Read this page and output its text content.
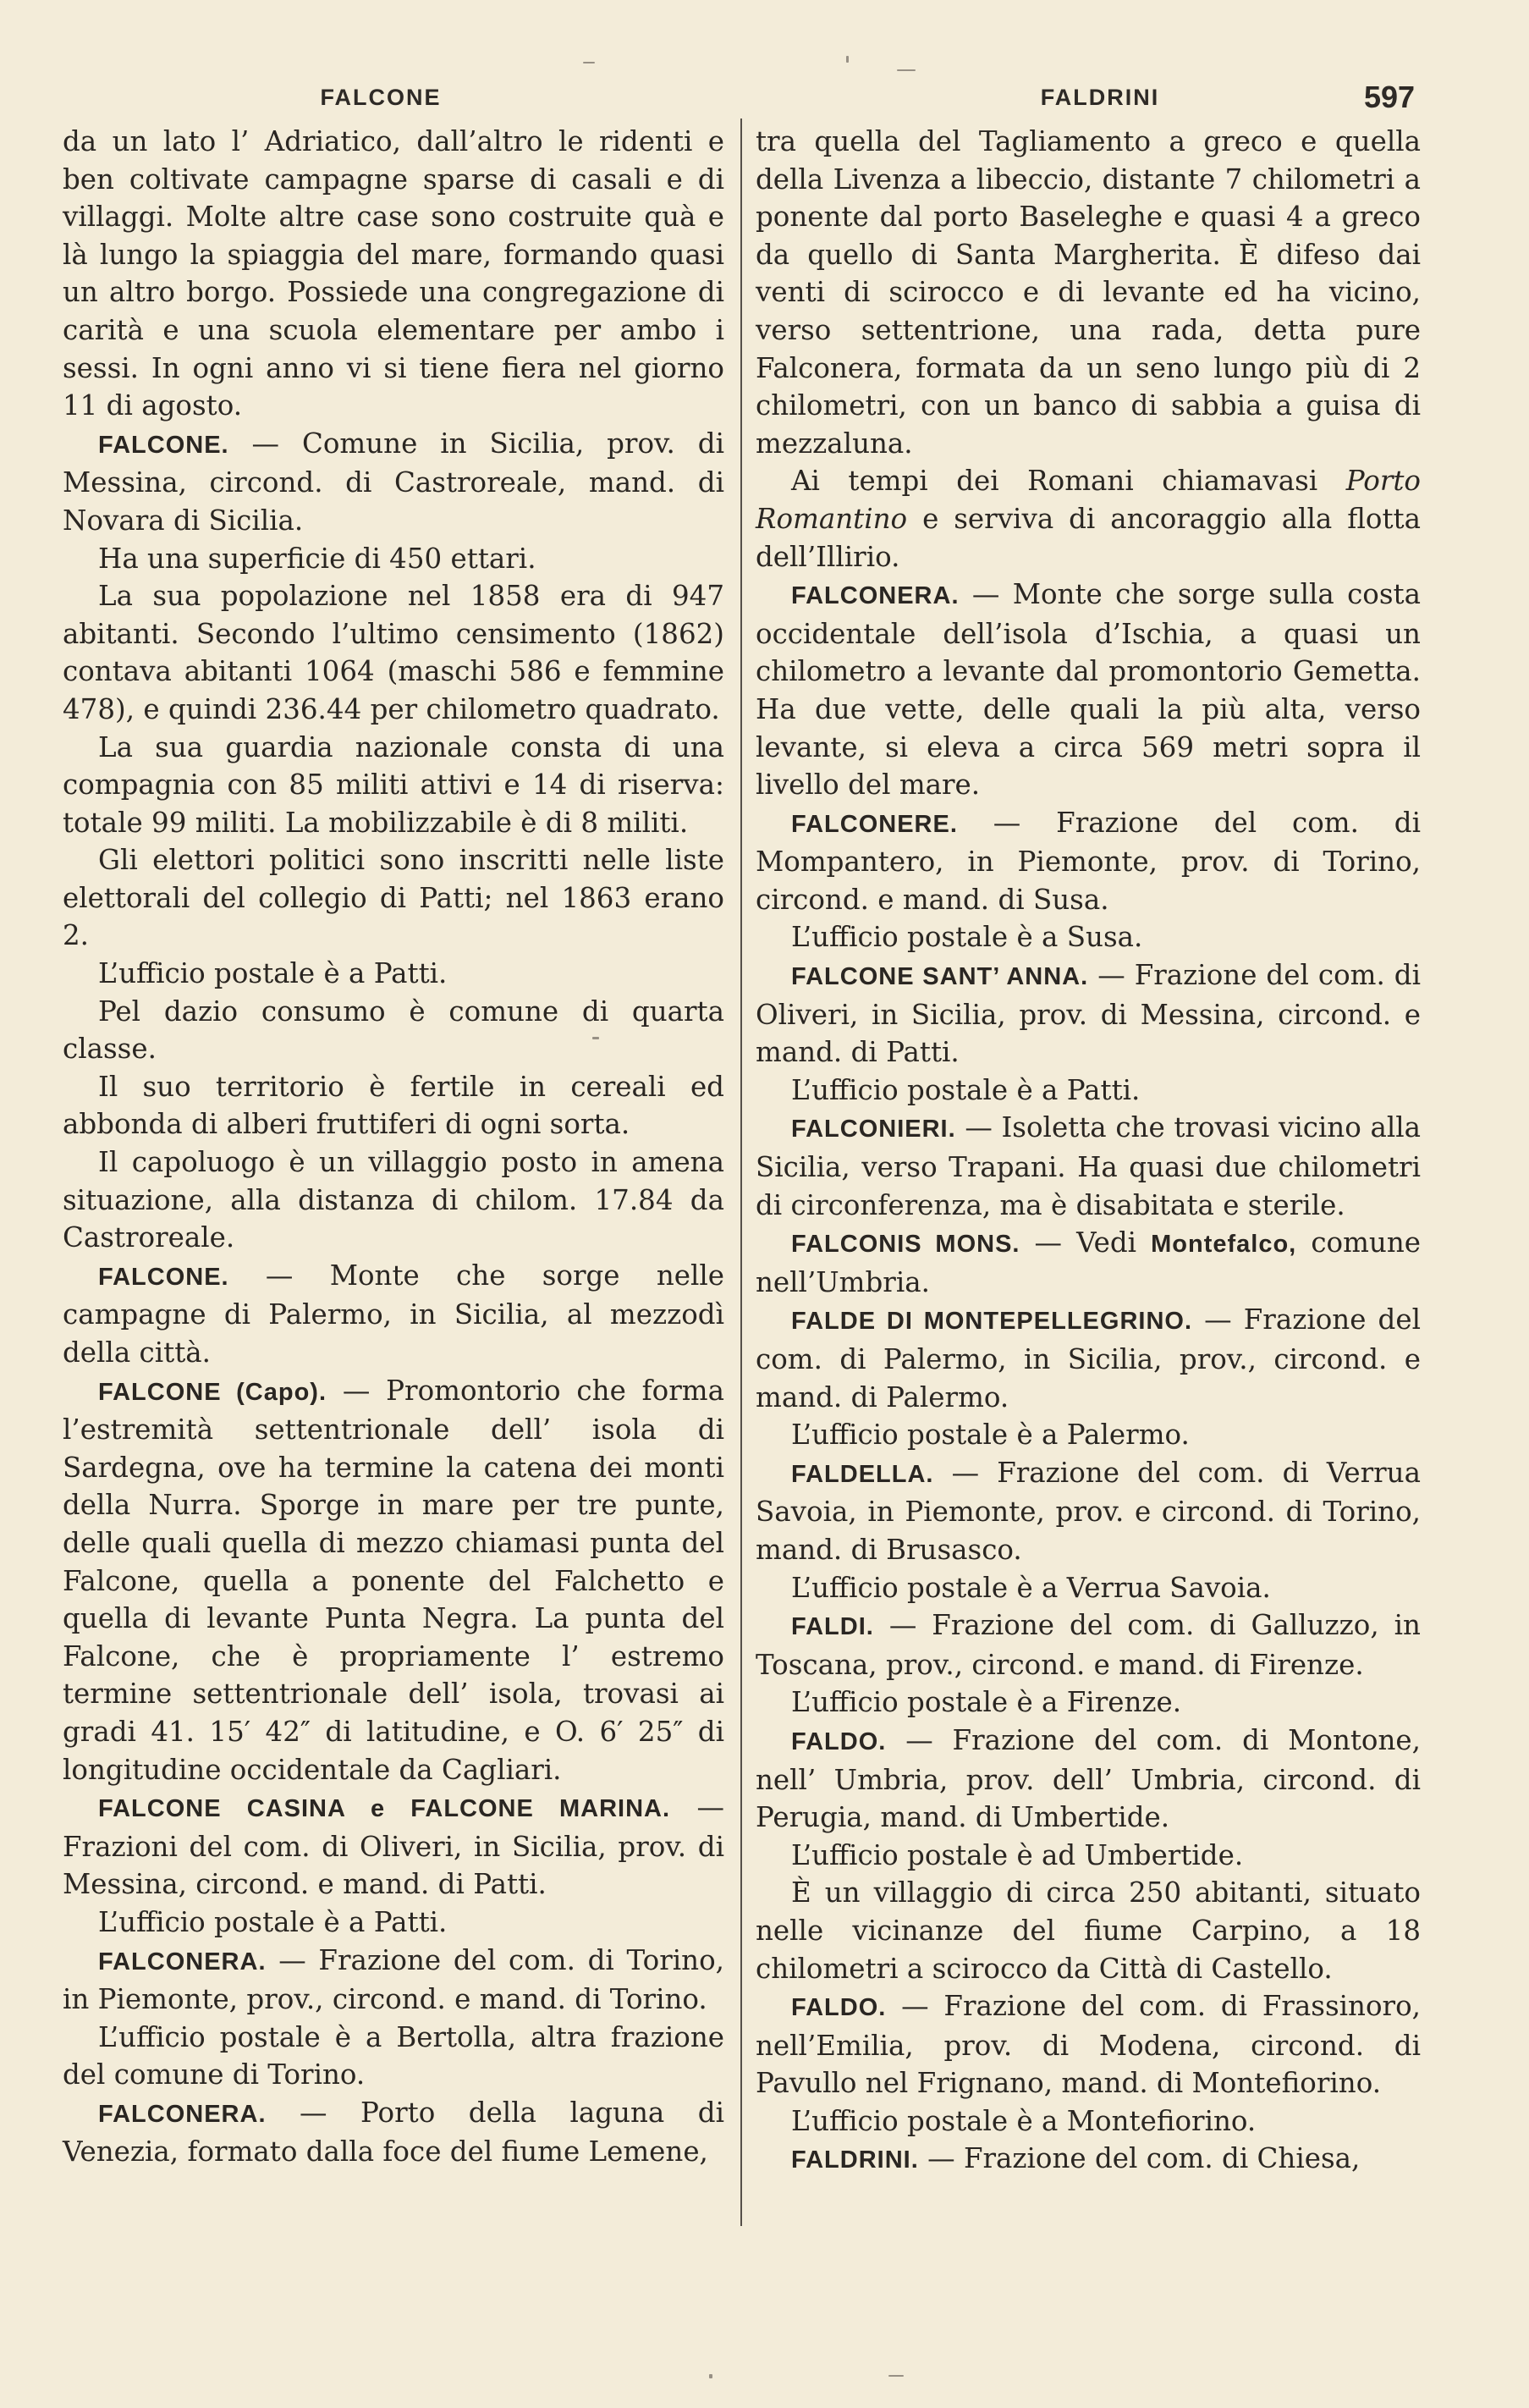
FALCONE	FALDRINI	597

da un lato l’ Adriatico, dall’altro le ridenti e ben coltivate campagne sparse di casali e di villaggi. Molte altre case sono costruite quà e là lungo la spiaggia del mare, formando quasi un altro borgo. Possiede una congregazione di carità e una scuola elementare per ambo i sessi. In ogni anno vi si tiene fiera nel giorno 11 di agosto.

FALCONE. — Comune in Sicilia, prov. di Messina, circond. di Castroreale, mand. di Novara di Sicilia.

Ha una superficie di 450 ettari.

La sua popolazione nel 1858 era di 947 abitanti. Secondo l’ultimo censimento (1862) contava abitanti 1064 (maschi 586 e femmine 478), e quindi 236.44 per chilometro quadrato.

La sua guardia nazionale consta di una compagnia con 85 militi attivi e 14 di riserva: totale 99 militi. La mobilizzabile è di 8 militi.

Gli elettori politici sono inscritti nelle liste elettorali del collegio di Patti; nel 1863 erano 2.

L’ufficio postale è a Patti.

Pel dazio consumo è comune di quarta classe.

Il suo territorio è fertile in cereali ed abbonda di alberi fruttiferi di ogni sorta.

Il capoluogo è un villaggio posto in amena situazione, alla distanza di chilom. 17.84 da Castroreale.

FALCONE. — Monte che sorge nelle campagne di Palermo, in Sicilia, al mezzodì della città.

FALCONE (Capo). — Promontorio che forma l’estremità settentrionale dell’ isola di Sardegna, ove ha termine la catena dei monti della Nurra. Sporge in mare per tre punte, delle quali quella di mezzo chiamasi punta del Falcone, quella a ponente del Falchetto e quella di levante Punta Negra. La punta del Falcone, che è propriamente l’ estremo termine settentrionale dell’ isola, trovasi ai gradi 41. 15′ 42″ di latitudine, e O. 6′ 25″ di longitudine occidentale da Cagliari.

FALCONE CASINA e FALCONE MARINA. — Frazioni del com. di Oliveri, in Sicilia, prov. di Messina, circond. e mand. di Patti.

L’ufficio postale è a Patti.

FALCONERA. — Frazione del com. di Torino, in Piemonte, prov., circond. e mand. di Torino.

L’ufficio postale è a Bertolla, altra frazione del comune di Torino.

FALCONERA. — Porto della laguna di Venezia, formato dalla foce del fiume Lemene,

tra quella del Tagliamento a greco e quella della Livenza a libeccio, distante 7 chilometri a ponente dal porto Baseleghe e quasi 4 a greco da quello di Santa Margherita. È difeso dai venti di scirocco e di levante ed ha vicino, verso settentrione, una rada, detta pure Falconera, formata da un seno lungo più di 2 chilometri, con un banco di sabbia a guisa di mezzaluna.

Ai tempi dei Romani chiamavasi Porto Romantino e serviva di ancoraggio alla flotta dell’Illirio.

FALCONERA. — Monte che sorge sulla costa occidentale dell’isola d’Ischia, a quasi un chilometro a levante dal promontorio Gemetta. Ha due vette, delle quali la più alta, verso levante, si eleva a circa 569 metri sopra il livello del mare.

FALCONERE. — Frazione del com. di Mompantero, in Piemonte, prov. di Torino, circond. e mand. di Susa.

L’ufficio postale è a Susa.

FALCONE SANT’ ANNA. — Frazione del com. di Oliveri, in Sicilia, prov. di Messina, circond. e mand. di Patti.

L’ufficio postale è a Patti.

FALCONIERI. — Isoletta che trovasi vicino alla Sicilia, verso Trapani. Ha quasi due chilometri di circonferenza, ma è disabitata e sterile.

FALCONIS MONS. — Vedi Montefalco, comune nell’Umbria.

FALDE DI MONTEPELLEGRINO. — Frazione del com. di Palermo, in Sicilia, prov., circond. e mand. di Palermo.

L’ufficio postale è a Palermo.

FALDELLA. — Frazione del com. di Verrua Savoia, in Piemonte, prov. e circond. di Torino, mand. di Brusasco.

L’ufficio postale è a Verrua Savoia.

FALDI. — Frazione del com. di Galluzzo, in Toscana, prov., circond. e mand. di Firenze.

L’ufficio postale è a Firenze.

FALDO. — Frazione del com. di Montone, nell’ Umbria, prov. dell’ Umbria, circond. di Perugia, mand. di Umbertide.

L’ufficio postale è ad Umbertide.

È un villaggio di circa 250 abitanti, situato nelle vicinanze del fiume Carpino, a 18 chilometri a scirocco da Città di Castello.

FALDO. — Frazione del com. di Frassinoro, nell’Emilia, prov. di Modena, circond. di Pavullo nel Frignano, mand. di Montefiorino.

L’ufficio postale è a Montefiorino.

FALDRINI. — Frazione del com. di Chiesa,
